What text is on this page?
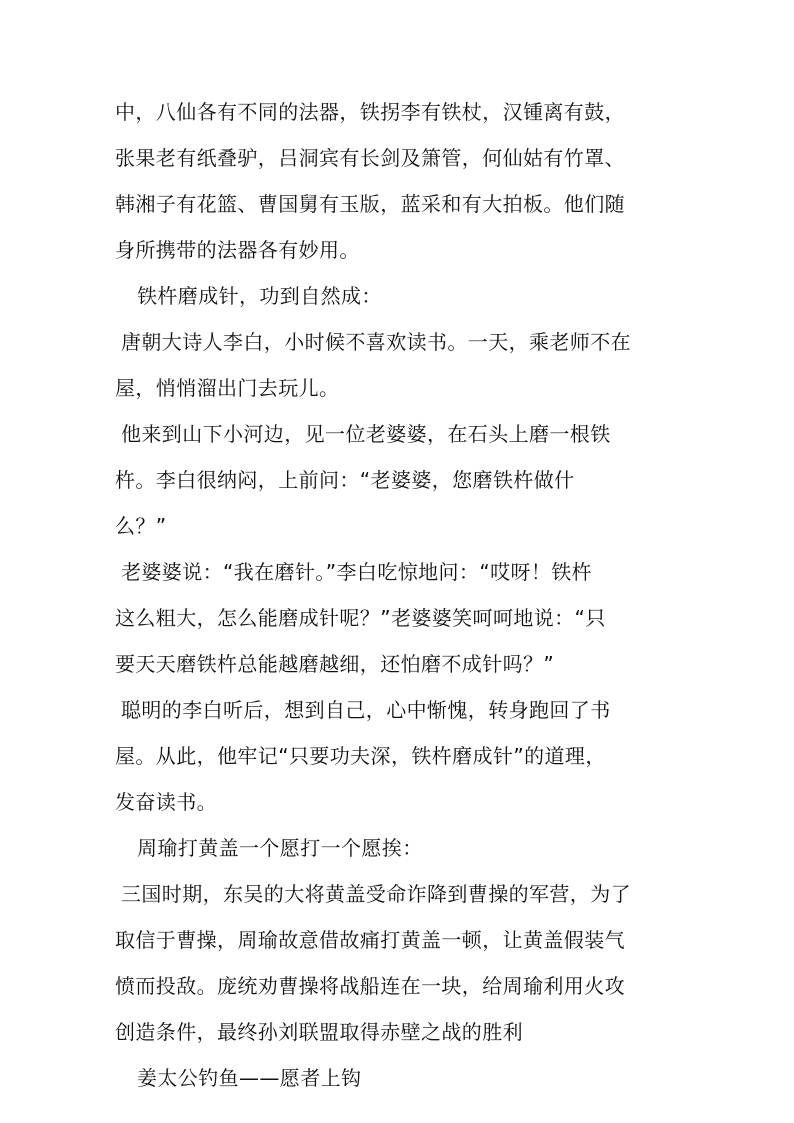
中，八仙各有不同的法器，铁拐李有铁杖，汉锺离有鼓，
张果老有纸叠驴，吕洞宾有长剑及箫管，何仙姑有竹罩、
韩湘子有花篮、曹国舅有玉版，蓝采和有大拍板。他们随
身所携带的法器各有妙用。
铁杵磨成针，功到自然成：
唐朝大诗人李白，小时候不喜欢读书。一天，乘老师不在
屋，悄悄溜出门去玩儿。
他来到山下小河边，见一位老婆婆，在石头上磨一根铁
杵。李白很纳闷，上前问：“老婆婆，您磨铁杵做什
么？”
老婆婆说：“我在磨针。”李白吃惊地问：“哎呀！铁杵
这么粗大，怎么能磨成针呢？”老婆婆笑呵呵地说：“只
要天天磨铁杵总能越磨越细，还怕磨不成针吗？”
聪明的李白听后，想到自己，心中惭愧，转身跑回了书
屋。从此，他牢记“只要功夫深，铁杵磨成针”的道理，
发奋读书。
周瑜打黄盖一个愿打一个愿挨：
三国时期，东吴的大将黄盖受命诈降到曹操的军营，为了
取信于曹操，周瑜故意借故痛打黄盖一顿，让黄盖假装气
愤而投敌。庞统劝曹操将战船连在一块，给周瑜利用火攻
创造条件，最终孙刘联盟取得赤壁之战的胜利
姜太公钓鱼——愿者上钩
